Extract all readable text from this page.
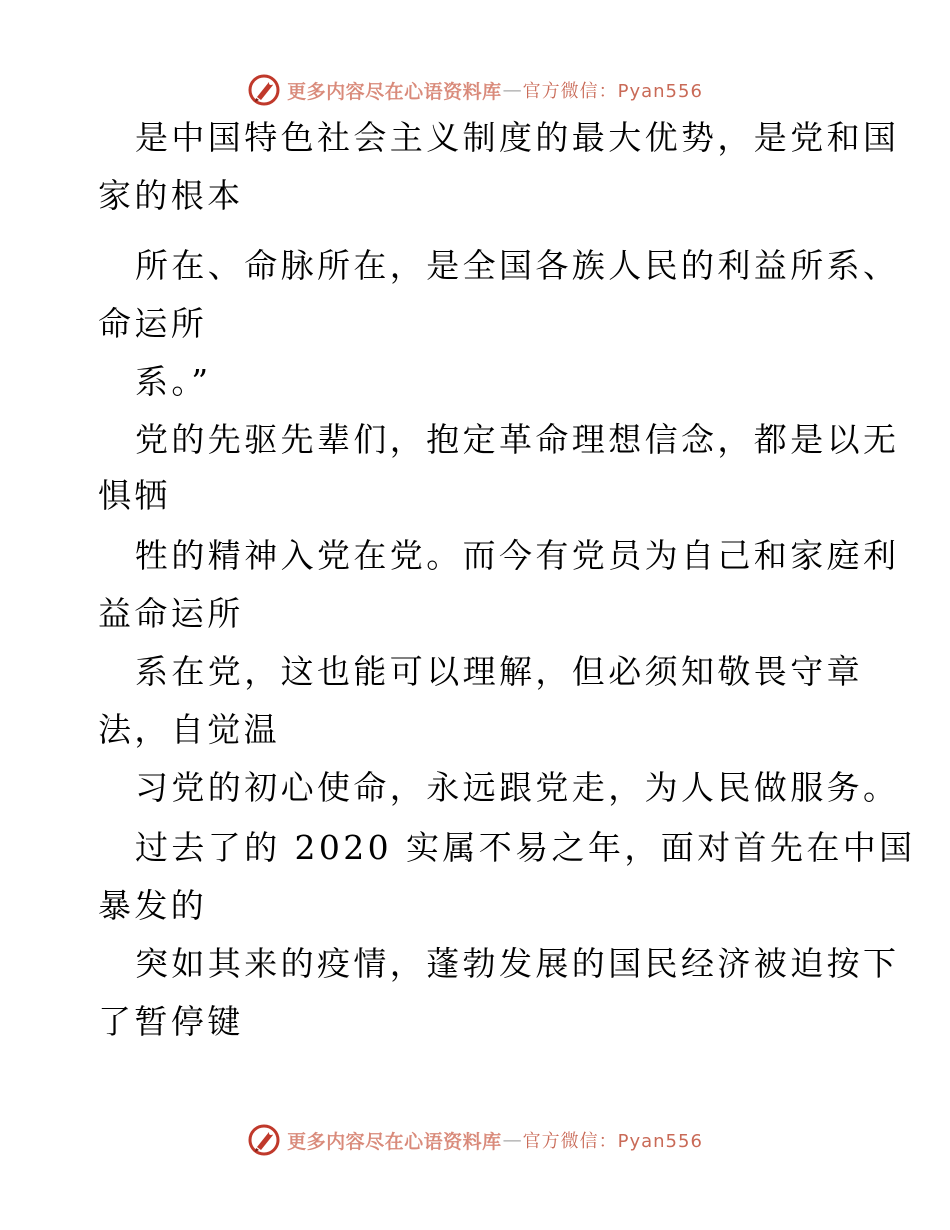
更多内容尽在心语资料库 — 官方微信：Pyan556
是中国特色社会主义制度的最大优势，是党和国
家的根本
所在、命脉所在，是全国各族人民的利益所系、
命运所
系。”
党的先驱先辈们，抱定革命理想信念，都是以无
惧牺
牲的精神入党在党。而今有党员为自己和家庭利
益命运所
系在党，这也能可以理解，但必须知敬畏守章
法，自觉温
习党的初心使命，永远跟党走，为人民做服务。
过去了的 2020 实属不易之年，面对首先在中国
暴发的
突如其来的疫情，蓬勃发展的国民经济被迫按下
了暂停键
更多内容尽在心语资料库 — 官方微信：Pyan556
